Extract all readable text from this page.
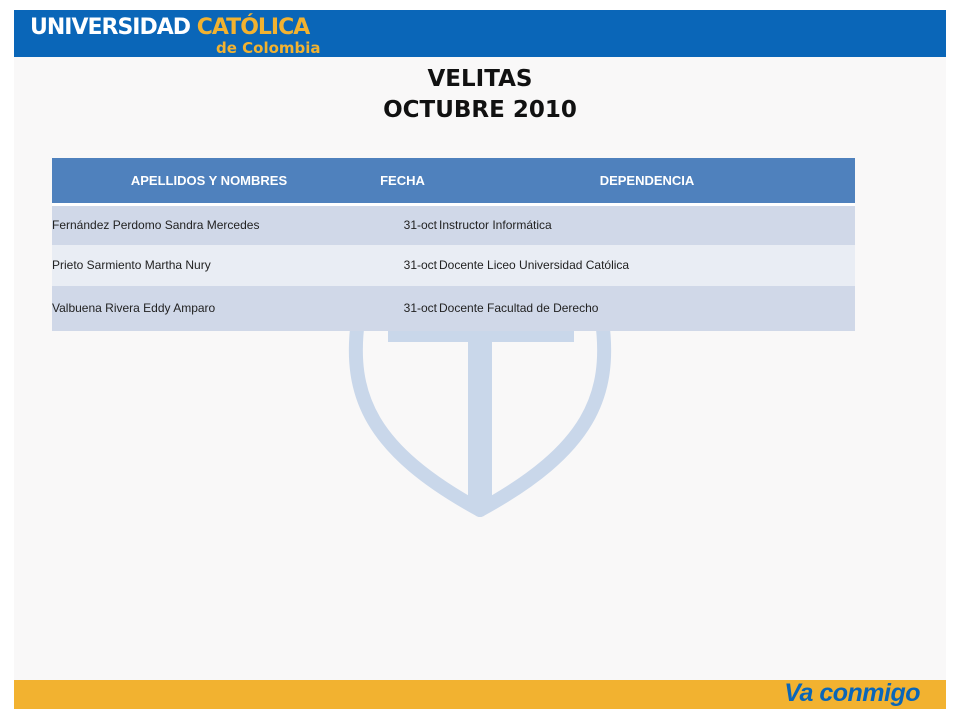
UNIVERSIDAD CATÓLICA
de Colombia
VELITAS
OCTUBRE 2010
APELLIDOS Y NOMBRES	FECHA	DEPENDENCIA
Fernández Perdomo Sandra Mercedes	31-oct	Instructor Informática
Prieto Sarmiento Martha Nury	31-oct	Docente Liceo Universidad Católica
Valbuena Rivera Eddy Amparo	31-oct	Docente Facultad de Derecho
Va conmigo
